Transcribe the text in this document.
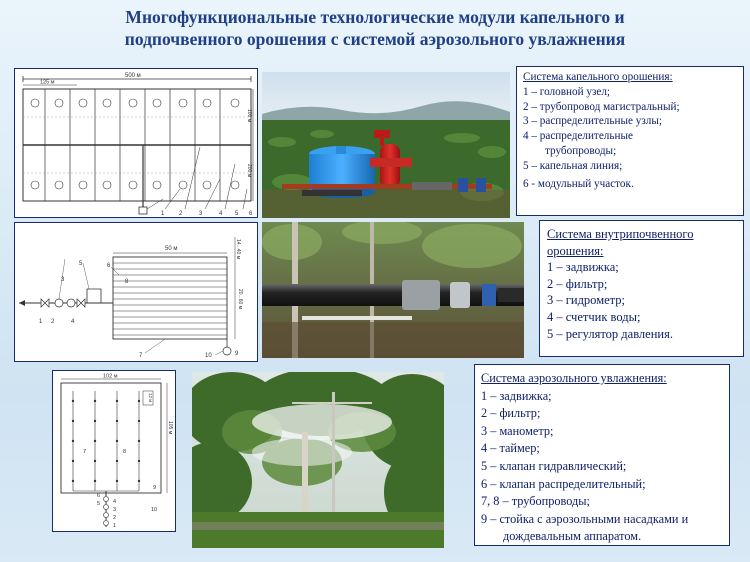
Многофункциональные технологические модули капельного и
подпочвенного орошения с системой аэрозольного увлажнения
500 м
125 м
100 м
200 м
1 2	3	4 5 6
Система капельного орошения:
1 – головной узел;
2 – трубопровод магистральный;
3 – распределительные узлы;
4 – распределительные
трубопроводы;
5 – капельная линия;
6 - модульный участок.
50 м	14...40 м
20...60 м
1 2
3
4
5	6
7
8
9
10
Система внутрипочвенного
орошения:
1 – задвижка;
2 – фильтр;
3 – гидрометр;
4 – счетчик воды;
5 – регулятор давления.
102 м
12 м
105 м
1
2
3
4
5
6
7	8
9
10
Система аэрозольного увлажнения:
1 – задвижка;
2 – фильтр;
3 – манометр;
4 – таймер;
5 – клапан гидравлический;
6 – клапан распределительный;
7, 8 – трубопроводы;
9 – стойка с аэрозольными насадками и
дождевальным аппаратом.
